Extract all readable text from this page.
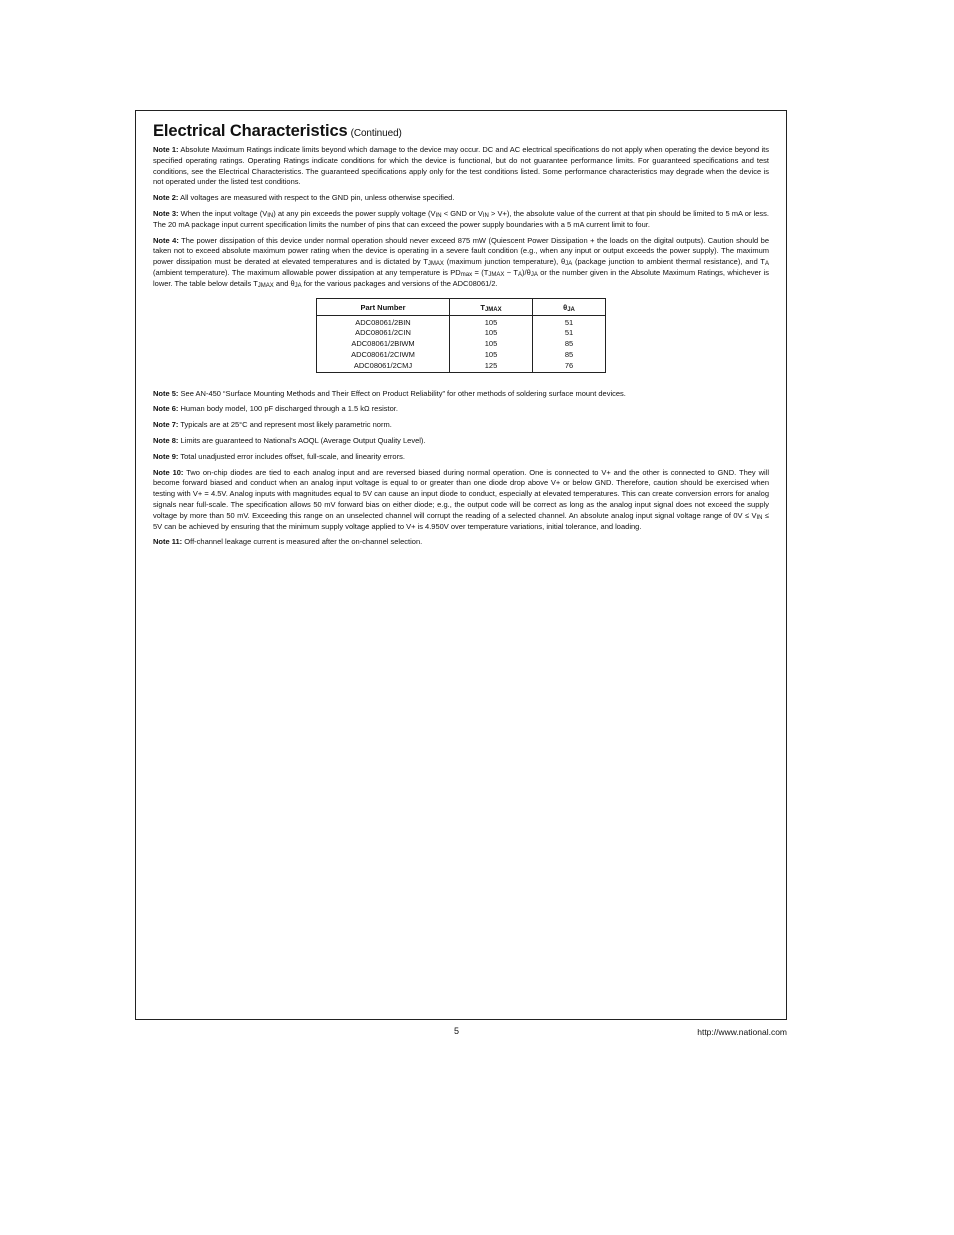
Electrical Characteristics (Continued)

Note 1: Absolute Maximum Ratings indicate limits beyond which damage to the device may occur. DC and AC electrical specifications do not apply when operating the device beyond its specified operating ratings. Operating Ratings indicate conditions for which the device is functional, but do not guarantee performance limits. For guaranteed specifications and test conditions, see the Electrical Characteristics. The guaranteed specifications apply only for the test conditions listed. Some performance characteristics may degrade when the device is not operated under the listed test conditions.

Note 2: All voltages are measured with respect to the GND pin, unless otherwise specified.

Note 3: When the input voltage $(V_{IN})$ at any pin exceeds the power supply voltage ($V_{IN}$ < GND or $V_{IN} > V+$), the absolute value of the current at that pin should be limited to 5 mA or less. The 20 mA package input current specification limits the number of pins that can exceed the power supply boundaries with a 5 mA current limit to four.

Note 4: The power dissipation of this device under normal operation should never exceed 875 mW (Quiescent Power Dissipation + the loads on the digital outputs). Caution should be taken not to exceed absolute maximum power rating when the device is operating in a severe fault condition (e.g., when any input or output exceeds the power supply). The maximum power dissipation must be derated at elevated temperatures and is dictated by $T_{JMAX}$ (maximum junction temperature), $\theta_{JA}$ (package junction to ambient thermal resistance), and $T_A$ (ambient temperature). The maximum allowable power dissipation at any temperature is $PD_{max} = (T_{JMAX} - T_A)/\theta_{JA}$ or the number given in the Absolute Maximum Ratings, whichever is lower. The table below details $T_{JMAX}$ and $\theta_{JA}$ for the various packages and versions of the ADC08061/2.

Part Number	$T_{JMAX}$	$\theta_{JA}$
ADC08061/2BIN	105	51
ADC08061/2CIN	105	51
ADC08061/2BIWM	105	85
ADC08061/2CIWM	105	85
ADC08061/2CMJ	125	76

Note 5: See AN-450 “Surface Mounting Methods and Their Effect on Product Reliability” for other methods of soldering surface mount devices.

Note 6: Human body model, 100 pF discharged through a 1.5 kΩ resistor.

Note 7: Typicals are at 25°C and represent most likely parametric norm.

Note 8: Limits are guaranteed to National’s AOQL (Average Output Quality Level).

Note 9: Total unadjusted error includes offset, full-scale, and linearity errors.

Note 10: Two on-chip diodes are tied to each analog input and are reversed biased during normal operation. One is connected to V+ and the other is connected to GND. They will become forward biased and conduct when an analog input voltage is equal to or greater than one diode drop above V+ or below GND. Therefore, caution should be exercised when testing with V+ = 4.5V. Analog inputs with magnitudes equal to 5V can cause an input diode to conduct, especially at elevated temperatures. This can create conversion errors for analog signals near full-scale. The specification allows 50 mV forward bias on either diode; e.g., the output code will be correct as long as the analog input signal does not exceed the supply voltage by more than 50 mV. Exceeding this range on an unselected channel will corrupt the reading of a selected channel. An absolute analog input signal voltage range of $0V \le V_{IN} \le 5V$ can be achieved by ensuring that the minimum supply voltage applied to V+ is 4.950V over temperature variations, initial tolerance, and loading.

Note 11: Off-channel leakage current is measured after the on-channel selection.

5	http://www.national.com
